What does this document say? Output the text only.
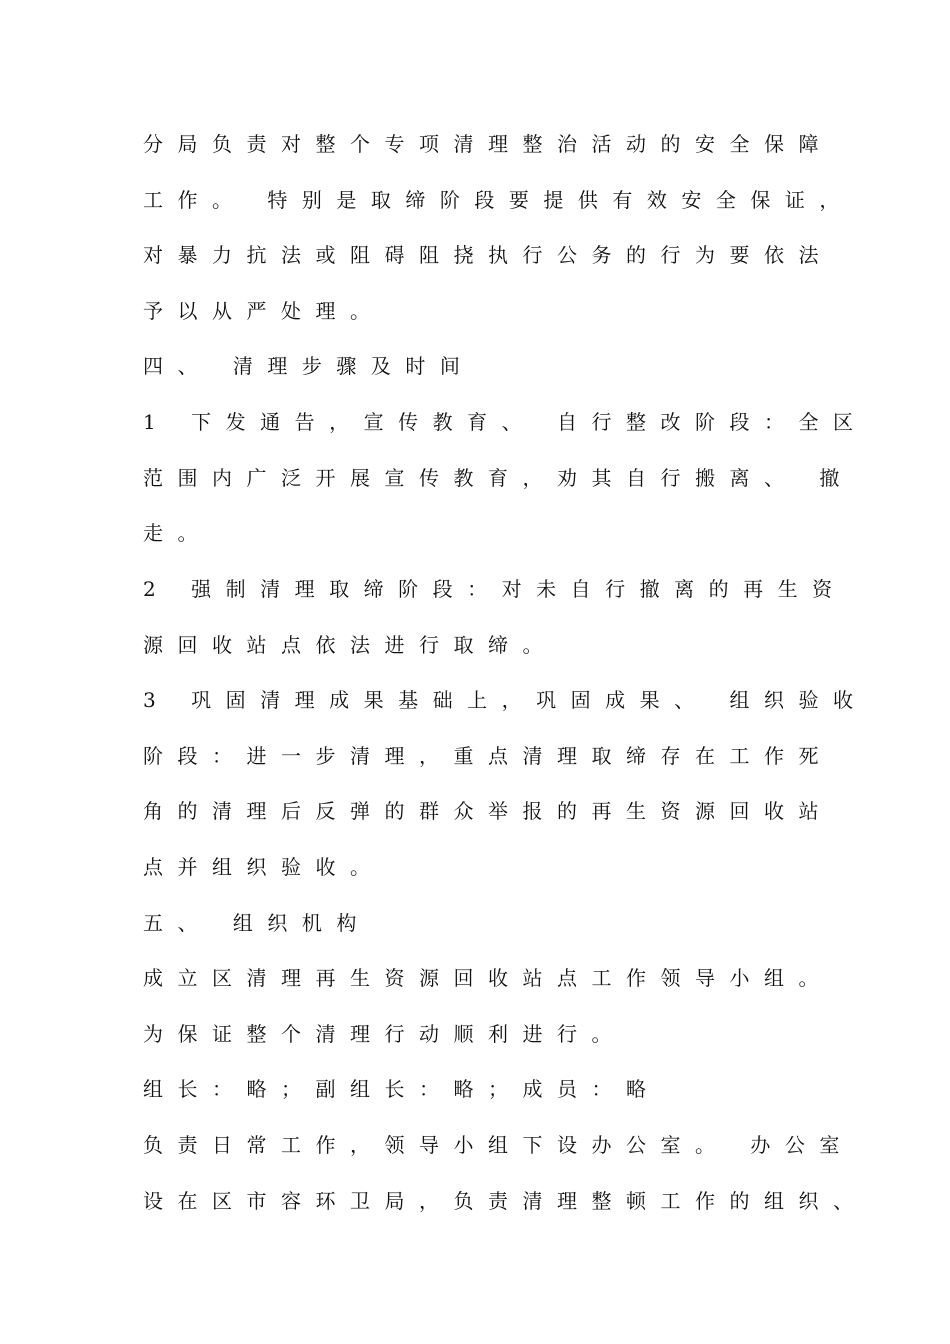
分局负责对整个专项清理整治活动的安全保障
工作。 特别是取缔阶段要提供有效安全保证，
对暴力抗法或阻碍阻挠执行公务的行为要依法
予以从严处理。
四、 清理步骤及时间
1 下发通告，宣传教育、 自行整改阶段：全区
范围内广泛开展宣传教育，劝其自行搬离、 撤
走。
2 强制清理取缔阶段：对未自行撤离的再生资
源回收站点依法进行取缔。
3 巩固清理成果基础上，巩固成果、 组织验收
阶段：进一步清理，重点清理取缔存在工作死
角的清理后反弹的群众举报的再生资源回收站
点并组织验收。
五、 组织机构
成立区清理再生资源回收站点工作领导小组。
为保证整个清理行动顺利进行。
组长：略；副组长：略；成员：略
负责日常工作，领导小组下设办公室。 办公室
设在区市容环卫局，负责清理整顿工作的组织、
